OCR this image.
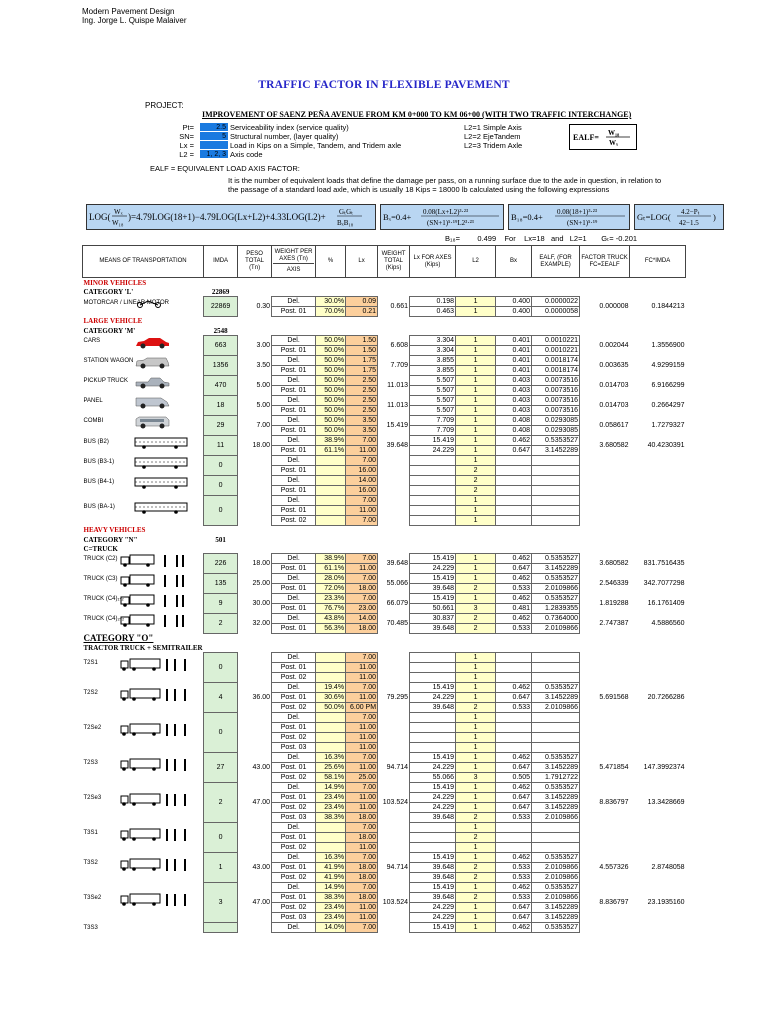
Modern Pavement Design
Ing. Jorge L. Quispe Malaiver
TRAFFIC FACTOR IN FLEXIBLE PAVEMENT
PROJECT:
IMPROVEMENT OF SAENZ PEÑA AVENUE FROM KM 0+000 TO KM 06+00 (WITH TWO TRAFFIC INTERCHANGE)
Pt=	2.5 Serviceability index (service quality)
SN=	5 Structural number, (layer quality)
Lx =	Load in Kips on a Simple, Tandem, and Tridem axle
L2 =	1, 2, 3 Axis code
L2=1 Simple Axis
L2=2 EjeTandem
L2=3 Tridem Axle
EALF= W₁₈
Wₓ
EALF = EQUIVALENT LOAD AXIS FACTOR:
It is the number of equivalent loads that define the damage per pass, on a running surface due to the axle in question, in relation to the passage of a standard load axle, which is usually 18 Kips = 18000 lb calculated using the following expressions
LOG( Wₓ
W₁₈
)=4.79LOG(18+1)−4.79LOG(Lx+L2)+4.33LOG(L2)+ GₜGₜ
BₓB₁₈
Bₓ=0.4+ 0.08(Lx+L2)³·²³
(SN+1)⁵·¹⁹L2³·²³
B₁₈=0.4+ 0.08(18+1)³·²³
(SN+1)⁵·¹⁹
Gₜ=LOG( 4.2−Pₜ
42−1.5
)
B₁₈= 0.499 For Lx=18 and L2=1 Gₜ= -0.201
MEANS OF TRANSPORTATION	IMDA	PESO TOTAL (Tn)	WEIGHT PER AXES (Tn)
AXIS	%	Lx	WEIGHT TOTAL (Kips)	Lx FOR AXES (Kips)	L2	Bx	EALF, (FOR EXAMPLE)	FACTOR TRUCK FC=ΣEALF	FC*IMDA
MINOR VEHICLES												
CATEGORY 'L'	22869											

MOTORCAR / LINEAR MOTOR	22869	0.30	Del.	30.0%	0.09	0.661	0.198	1	0.400	0.0000022	0.000008	0.1844213
			Post. 01	70.0%	0.21		0.463	1	0.400	0.0000058		
LARGE VEHICLE												
CATEGORY 'M'	2548											

CARS	663	3.00	Del.	50.0%	1.50	6.608	3.304	1	0.401	0.0010221	0.002044	1.3556900
			Post. 01	50.0%	1.50		3.304	1	0.401	0.0010221		

STATION WAGON	1356	3.50	Del.	50.0%	1.75	7.709	3.855	1	0.401	0.0018174	0.003635	4.9299159
			Post. 01	50.0%	1.75		3.855	1	0.401	0.0018174		

PICKUP TRUCK	470	5.00	Del.	50.0%	2.50	11.013	5.507	1	0.403	0.0073516	0.014703	6.9166299
			Post. 01	50.0%	2.50		5.507	1	0.403	0.0073516		

PANEL	18	5.00	Del.	50.0%	2.50	11.013	5.507	1	0.403	0.0073516	0.014703	0.2664297
			Post. 01	50.0%	2.50		5.507	1	0.403	0.0073516		

COMBI	29	7.00	Del.	50.0%	3.50	15.419	7.709	1	0.408	0.0293085	0.058617	1.7279327
			Post. 01	50.0%	3.50		7.709	1	0.408	0.0293085		

BUS (B2)	11	18.00	Del.	38.9%	7.00	39.648	15.419	1	0.462	0.5353527	3.680582	40.4230391
			Post. 01	61.1%	11.00		24.229	1	0.647	3.1452289		

BUS (B3-1)	0		Del.		7.00			1				
			Post. 01		16.00			2				

BUS (B4-1)	0		Del.		14.00			2				
			Post. 01		16.00			2				

BUS (BA-1)	0		Del.		7.00			1				
			Post. 01		11.00			1				
			Post. 02		7.00			1				
HEAVY VEHICLES												
CATEGORY "N"	501											
C=TRUCK												

TRUCK (C2)	226	18.00	Del.	38.9%	7.00	39.648	15.419	1	0.462	0.5353527	3.680582	831.7516435
			Post. 01	61.1%	11.00		24.229	1	0.647	3.1452289		

TRUCK (C3)	135	25.00	Del.	28.0%	7.00	55.066	15.419	1	0.462	0.5353527	2.546339	342.7077298
			Post. 01	72.0%	18.00		39.648	2	0.533	2.0109866		

TRUCK (C4)₁-₂	9	30.00	Del.	23.3%	7.00	66.079	15.419	1	0.462	0.5353527	1.819288	16.1761409
			Post. 01	76.7%	23.00		50.661	3	0.481	1.2839355		

TRUCK (C4)₂-₂	2	32.00	Del.	43.8%	14.00	70.485	30.837	2	0.462	0.7364000	2.747387	4.5886560
			Post. 01	56.3%	18.00		39.648	2	0.533	2.0109866		
CATEGORY "O"												
TRACTOR TRUCK + SEMITRAILER												

T2S1	0		Del.		7.00			1				
			Post. 01		11.00			1				
			Post. 02		11.00			1				

T2S2	4	36.00	Del.	19.4%	7.00	79.295	15.419	1	0.462	0.5353527	5.691568	20.7266286
			Post. 01	30.6%	11.00		24.229	1	0.647	3.1452289		
			Post. 02	50.0%	6.00 PM		39.648	2	0.533	2.0109866		

T2Se2	0		Del.		7.00			1				
			Post. 01		11.00			1				
			Post. 02		11.00			1				
			Post. 03		11.00			1				

T2S3	27	43.00	Del.	16.3%	7.00	94.714	15.419	1	0.462	0.5353527	5.471854	147.3992374
			Post. 01	25.6%	11.00		24.229	1	0.647	3.1452289		
			Post. 02	58.1%	25.00		55.066	3	0.505	1.7912722		

T2Se3	2	47.00	Del.	14.9%	7.00	103.524	15.419	1	0.462	0.5353527	8.836797	13.3428669
			Post. 01	23.4%	11.00		24.229	1	0.647	3.1452289		
			Post. 02	23.4%	11.00		24.229	1	0.647	3.1452289		
			Post. 03	38.3%	18.00		39.648	2	0.533	2.0109866		

T3S1	0		Del.		7.00			1				
			Post. 01		18.00			2				
			Post. 02		11.00			1				

T3S2	1	43.00	Del.	16.3%	7.00	94.714	15.419	1	0.462	0.5353527	4.557326	2.8748058
			Post. 01	41.9%	18.00		39.648	2	0.533	2.0109866		
			Post. 02	41.9%	18.00		39.648	2	0.533	2.0109866		

T3Se2	3	47.00	Del.	14.9%	7.00	103.524	15.419	1	0.462	0.5353527	8.836797	23.1935160
			Post. 01	38.3%	18.00		39.648	2	0.533	2.0109866		
			Post. 02	23.4%	11.00		24.229	1	0.647	3.1452289		
			Post. 03	23.4%	11.00		24.229	1	0.647	3.1452289		

T3S3			Del.	14.0%	7.00		15.419	1	0.462	0.5353527		
